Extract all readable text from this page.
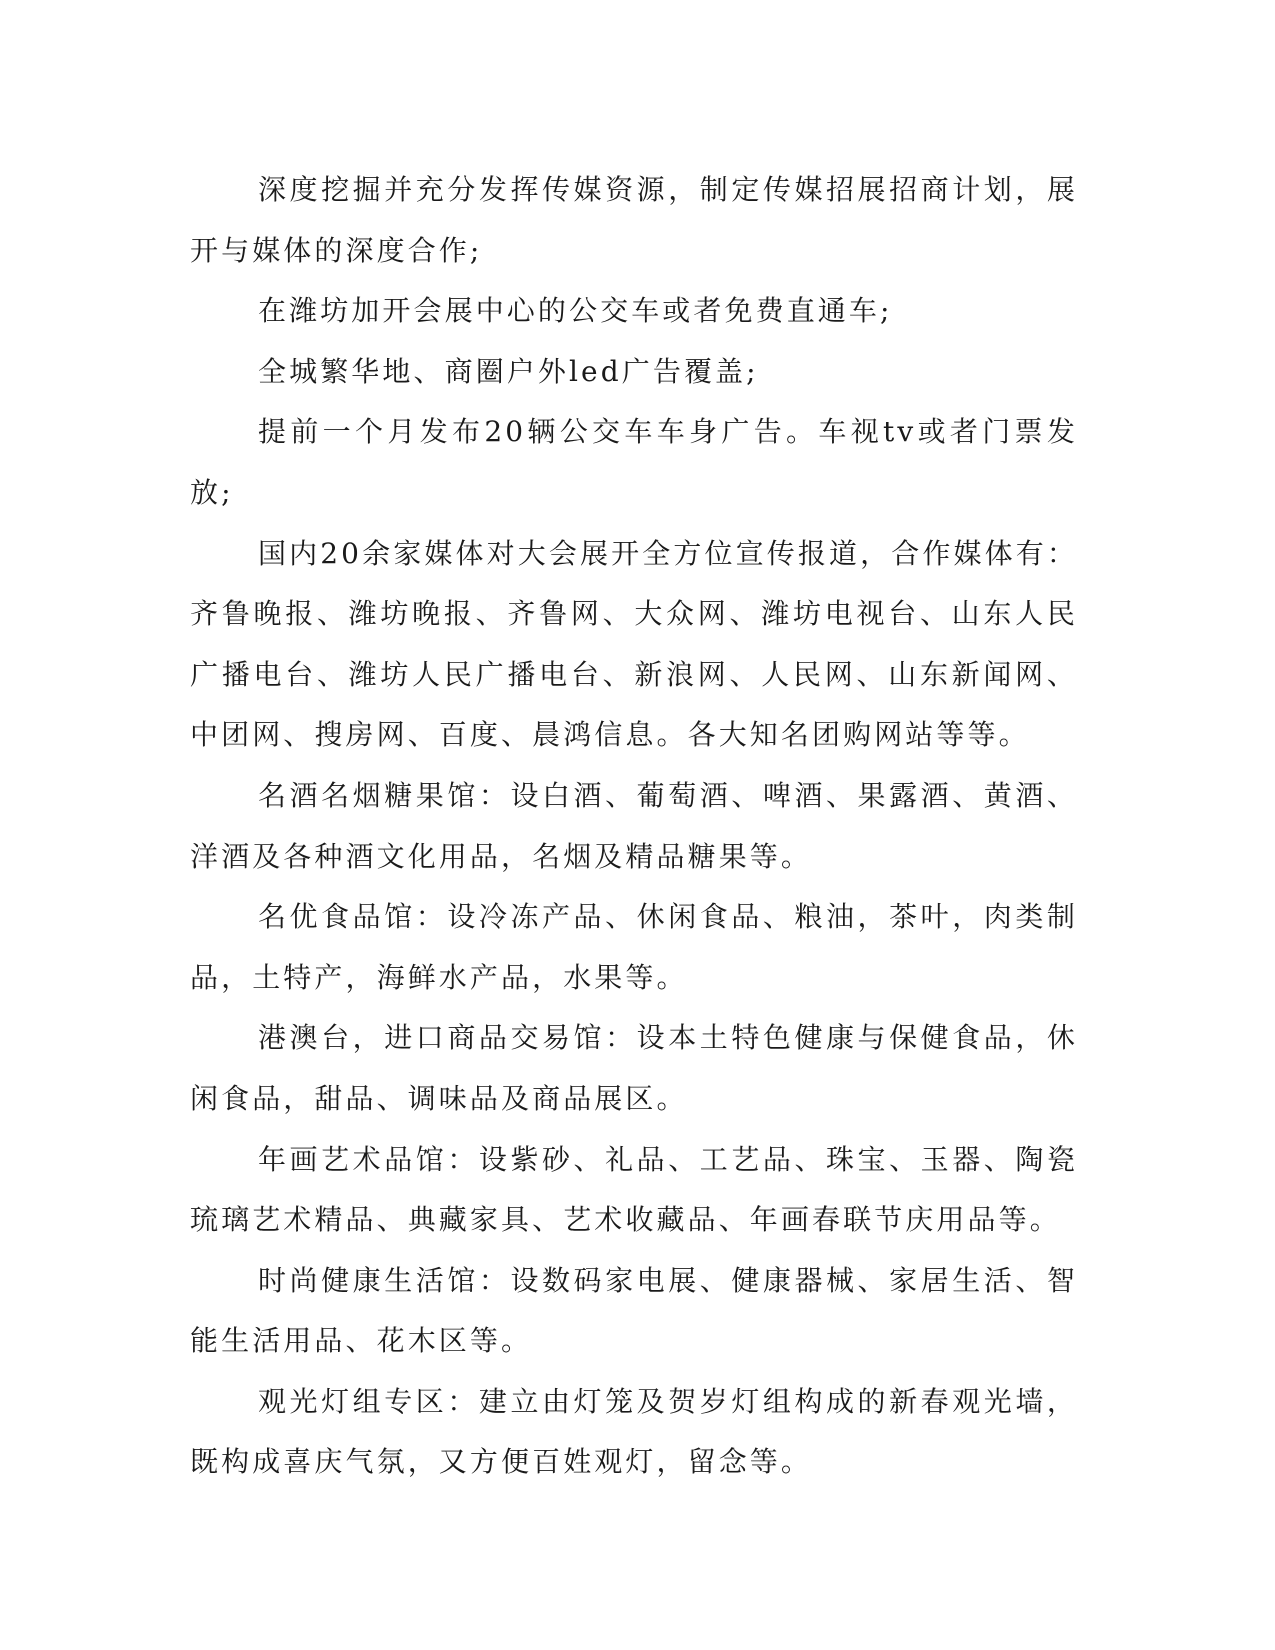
深度挖掘并充分发挥传媒资源，制定传媒招展招商计划，展开与媒体的深度合作;

在潍坊加开会展中心的公交车或者免费直通车;

全城繁华地、商圈户外led广告覆盖;

提前一个月发布20辆公交车车身广告。车视tv或者门票发放;

国内20余家媒体对大会展开全方位宣传报道，合作媒体有：齐鲁晚报、潍坊晚报、齐鲁网、大众网、潍坊电视台、山东人民广播电台、潍坊人民广播电台、新浪网、人民网、山东新闻网、中团网、搜房网、百度、晨鸿信息。各大知名团购网站等等。

名酒名烟糖果馆：设白酒、葡萄酒、啤酒、果露酒、黄酒、洋酒及各种酒文化用品，名烟及精品糖果等。

名优食品馆：设冷冻产品、休闲食品、粮油，茶叶，肉类制品，土特产，海鲜水产品，水果等。

港澳台，进口商品交易馆：设本土特色健康与保健食品，休闲食品，甜品、调味品及商品展区。

年画艺术品馆：设紫砂、礼品、工艺品、珠宝、玉器、陶瓷琉璃艺术精品、典藏家具、艺术收藏品、年画春联节庆用品等。

时尚健康生活馆：设数码家电展、健康器械、家居生活、智能生活用品、花木区等。

观光灯组专区：建立由灯笼及贺岁灯组构成的新春观光墙，既构成喜庆气氛，又方便百姓观灯，留念等。
